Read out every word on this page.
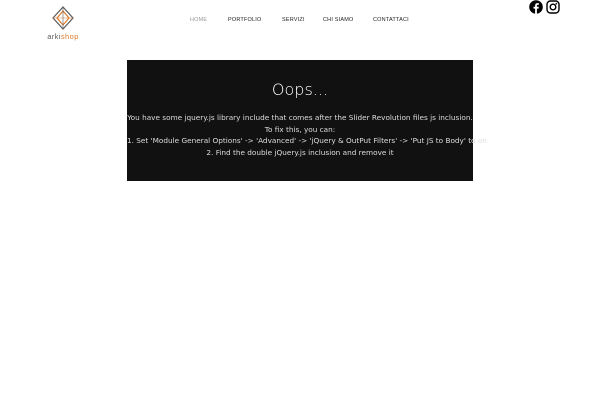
arkishop
HOME	PORTFOLIO	SERVIZI	CHI SIAMO	CONTATTACI
Oops...
You have some jquery.js library include that comes after the Slider Revolution files js inclusion.
To fix this, you can:
1. Set 'Module General Options' -> 'Advanced' -> 'jQuery & OutPut Filters' -> 'Put JS to Body' to on
2. Find the double jQuery.js inclusion and remove it
